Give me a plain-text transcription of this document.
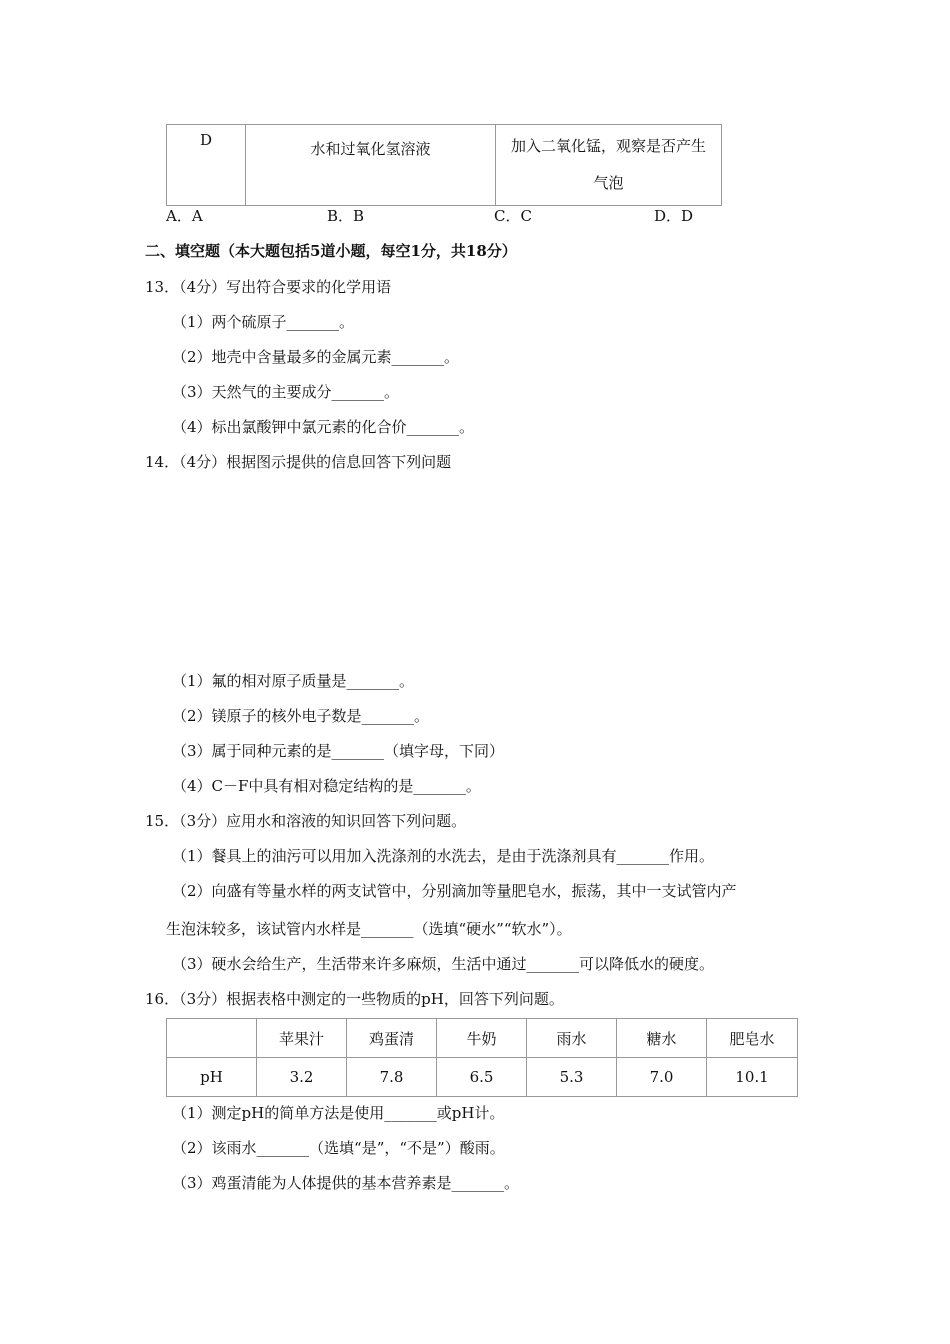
D	水和过氧化氢溶液	加入二氧化锰，观察是否产生
气泡
A．A	B．B	C．C	D．D
二、填空题（本大题包括5道小题，每空1分，共18分）
13．（4分）写出符合要求的化学用语
（1）两个硫原子_______。
（2）地壳中含量最多的金属元素_______。
（3）天然气的主要成分_______。
（4）标出氯酸钾中氯元素的化合价_______。
14．（4分）根据图示提供的信息回答下列问题
（1）氟的相对原子质量是_______。
（2）镁原子的核外电子数是_______。
（3）属于同种元素的是_______（填字母，下同）
（4）C－F中具有相对稳定结构的是_______。
15．（3分）应用水和溶液的知识回答下列问题。
（1）餐具上的油污可以用加入洗涤剂的水洗去，是由于洗涤剂具有_______作用。
（2）向盛有等量水样的两支试管中，分别滴加等量肥皂水，振荡，其中一支试管内产
生泡沫较多，该试管内水样是_______（选填“硬水”“软水”）。
（3）硬水会给生产，生活带来许多麻烦，生活中通过_______可以降低水的硬度。
16．（3分）根据表格中测定的一些物质的pH，回答下列问题。
	苹果汁	鸡蛋清	牛奶	雨水	糖水	肥皂水
pH	3.2	7.8	6.5	5.3	7.0	10.1
（1）测定pH的简单方法是使用_______或pH计。
（2）该雨水_______（选填“是”，“不是”）酸雨。
（3）鸡蛋清能为人体提供的基本营养素是_______。
